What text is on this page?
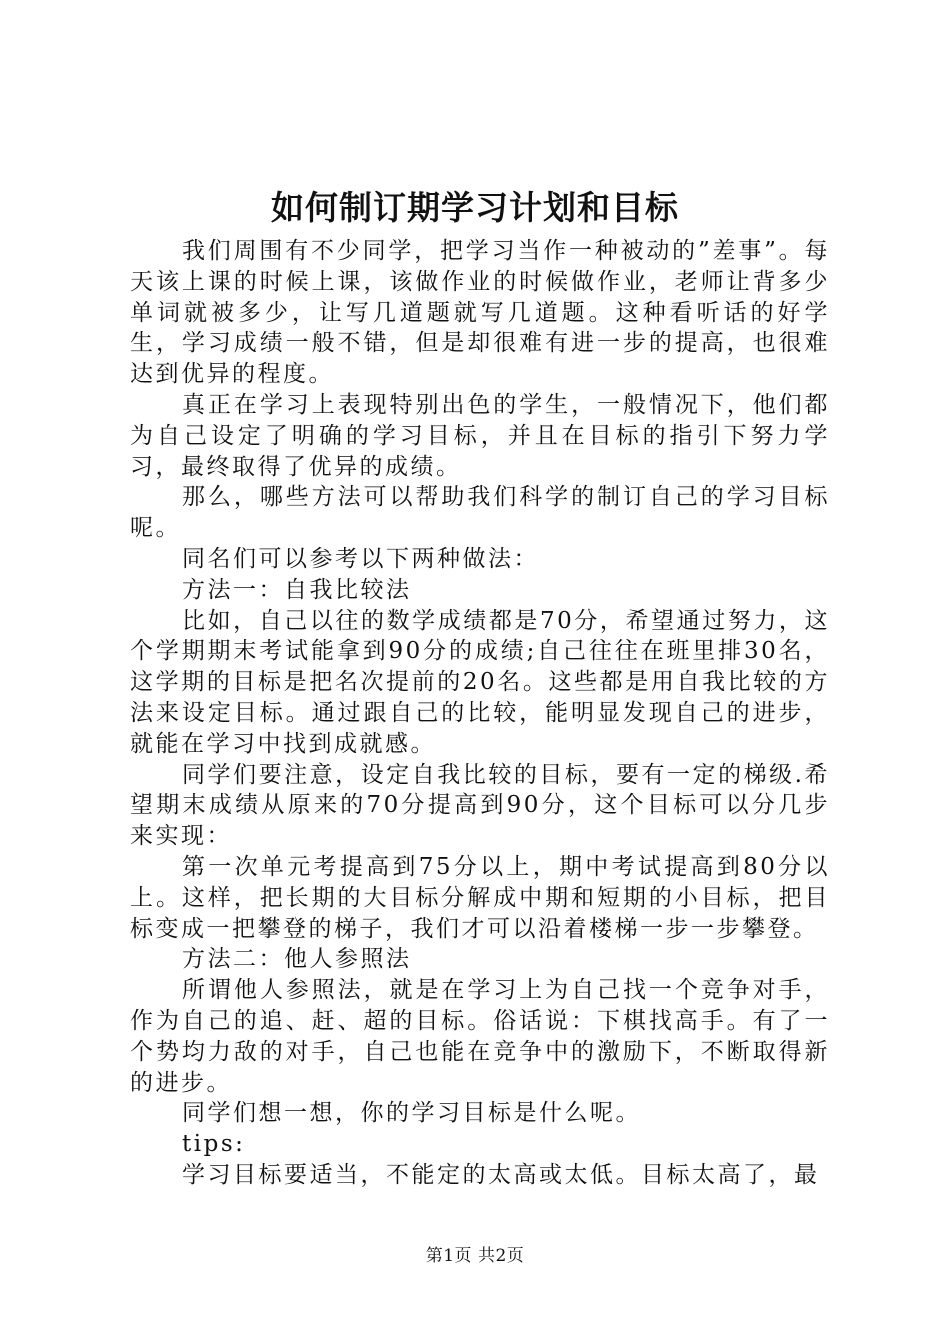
如何制订期学习计划和目标

我们周围有不少同学，把学习当作一种被动的”差事”。每天该上课的时候上课，该做作业的时候做作业，老师让背多少单词就被多少，让写几道题就写几道题。这种看听话的好学生，学习成绩一般不错，但是却很难有进一步的提高，也很难达到优异的程度。

真正在学习上表现特别出色的学生，一般情况下，他们都为自己设定了明确的学习目标，并且在目标的指引下努力学习，最终取得了优异的成绩。

那么，哪些方法可以帮助我们科学的制订自己的学习目标呢。

同名们可以参考以下两种做法：

方法一：自我比较法

比如，自己以往的数学成绩都是70分，希望通过努力，这个学期期末考试能拿到90分的成绩;自己往往在班里排30名，这学期的目标是把名次提前的20名。这些都是用自我比较的方法来设定目标。通过跟自己的比较，能明显发现自己的进步，就能在学习中找到成就感。

同学们要注意，设定自我比较的目标，要有一定的梯级.希望期末成绩从原来的70分提高到90分，这个目标可以分几步来实现：

第一次单元考提高到75分以上，期中考试提高到80分以上。这样，把长期的大目标分解成中期和短期的小目标，把目标变成一把攀登的梯子，我们才可以沿着楼梯一步一步攀登。

方法二：他人参照法

所谓他人参照法，就是在学习上为自己找一个竞争对手，作为自己的追、赶、超的目标。俗话说：下棋找高手。有了一个势均力敌的对手，自己也能在竞争中的激励下，不断取得新的进步。

同学们想一想，你的学习目标是什么呢。

tips:

学习目标要适当，不能定的太高或太低。目标太高了，最

第1页 共2页
